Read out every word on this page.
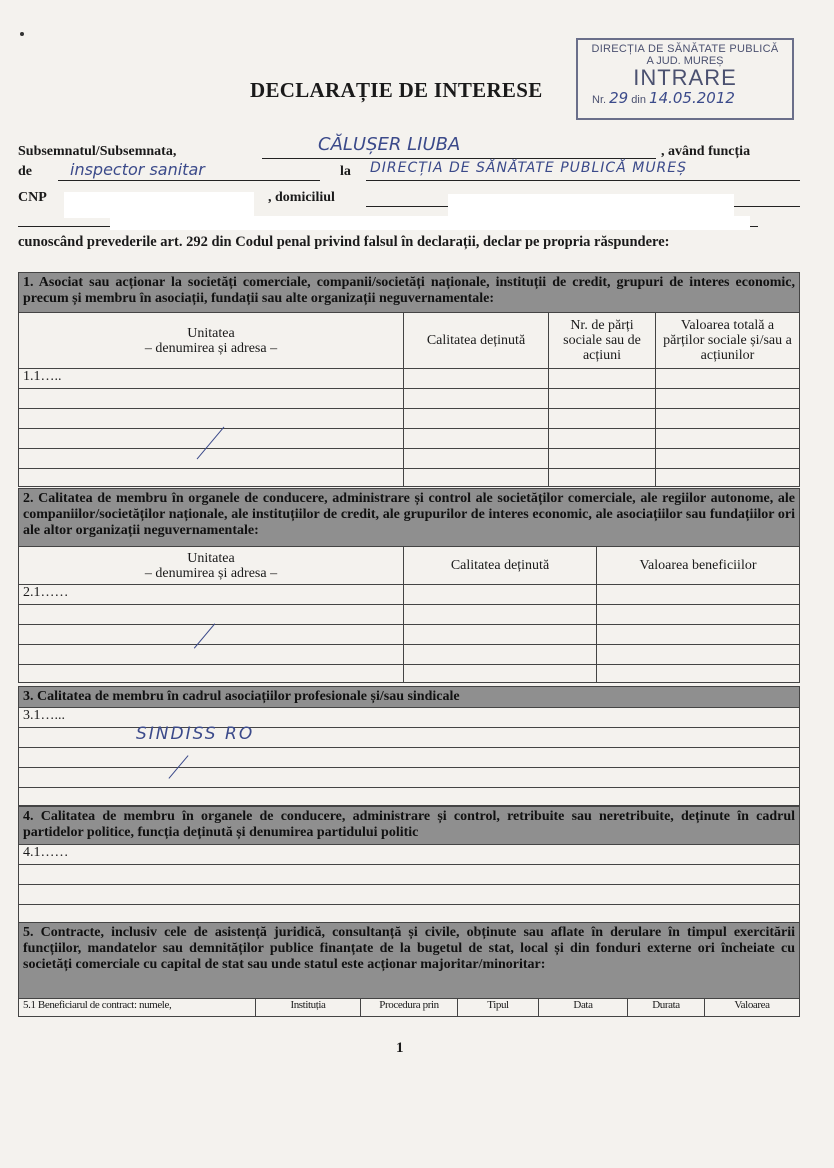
DECLARAȚIE DE INTERESE
DIRECȚIA DE SĂNĂTATE PUBLICĂ
A JUD. MUREȘ
INTRARE
Nr. 29 din 14.05.2012
Subsemnatul/Subsemnata,	CĂLUȘER LIUBA	, având funcția
de inspector sanitar	la DIRECȚIA DE SĂNĂTATE PUBLICĂ MUREȘ
CNP	, domiciliul
cunoscând prevederile art. 292 din Codul penal privind falsul în declarații, declar pe propria răspundere:
1. Asociat sau acționar la societăți comerciale, companii/societăți naționale, instituții de credit, grupuri de interes economic, precum și membru în asociații, fundații sau alte organizații neguvernamentale:			
Unitatea
– denumirea și adresa –	Calitatea deținută	Nr. de părți sociale sau de acțiuni	Valoarea totală a părților sociale și/sau a acțiunilor
1.1…..			

2. Calitatea de membru în organele de conducere, administrare și control ale societăților comerciale, ale regiilor autonome, ale companiilor/societăților naționale, ale instituțiilor de credit, ale grupurilor de interes economic, ale asociațiilor sau fundațiilor ori ale altor organizații neguvernamentale:		
Unitatea
– denumirea și adresa –	Calitatea deținută	Valoarea beneficiilor
2.1……		

3. Calitatea de membru în cadrul asociațiilor profesionale și/sau sindicale
3.1…...

SINDISS RO
4. Calitatea de membru în organele de conducere, administrare și control, retribuite sau neretribuite, deținute în cadrul partidelor politice, funcția deținută și denumirea partidului politic
4.1……

5. Contracte, inclusiv cele de asistență juridică, consultanță și civile, obținute sau aflate în derulare în timpul exercitării funcțiilor, mandatelor sau demnităților publice finanțate de la bugetul de stat, local și din fonduri externe ori încheiate cu societăți comerciale cu capital de stat sau unde statul este acționar majoritar/minoritar:
5.1 Beneficiarul de contract: numele,	Instituția	Procedura prin	Tipul	Data	Durata	Valoarea
1
